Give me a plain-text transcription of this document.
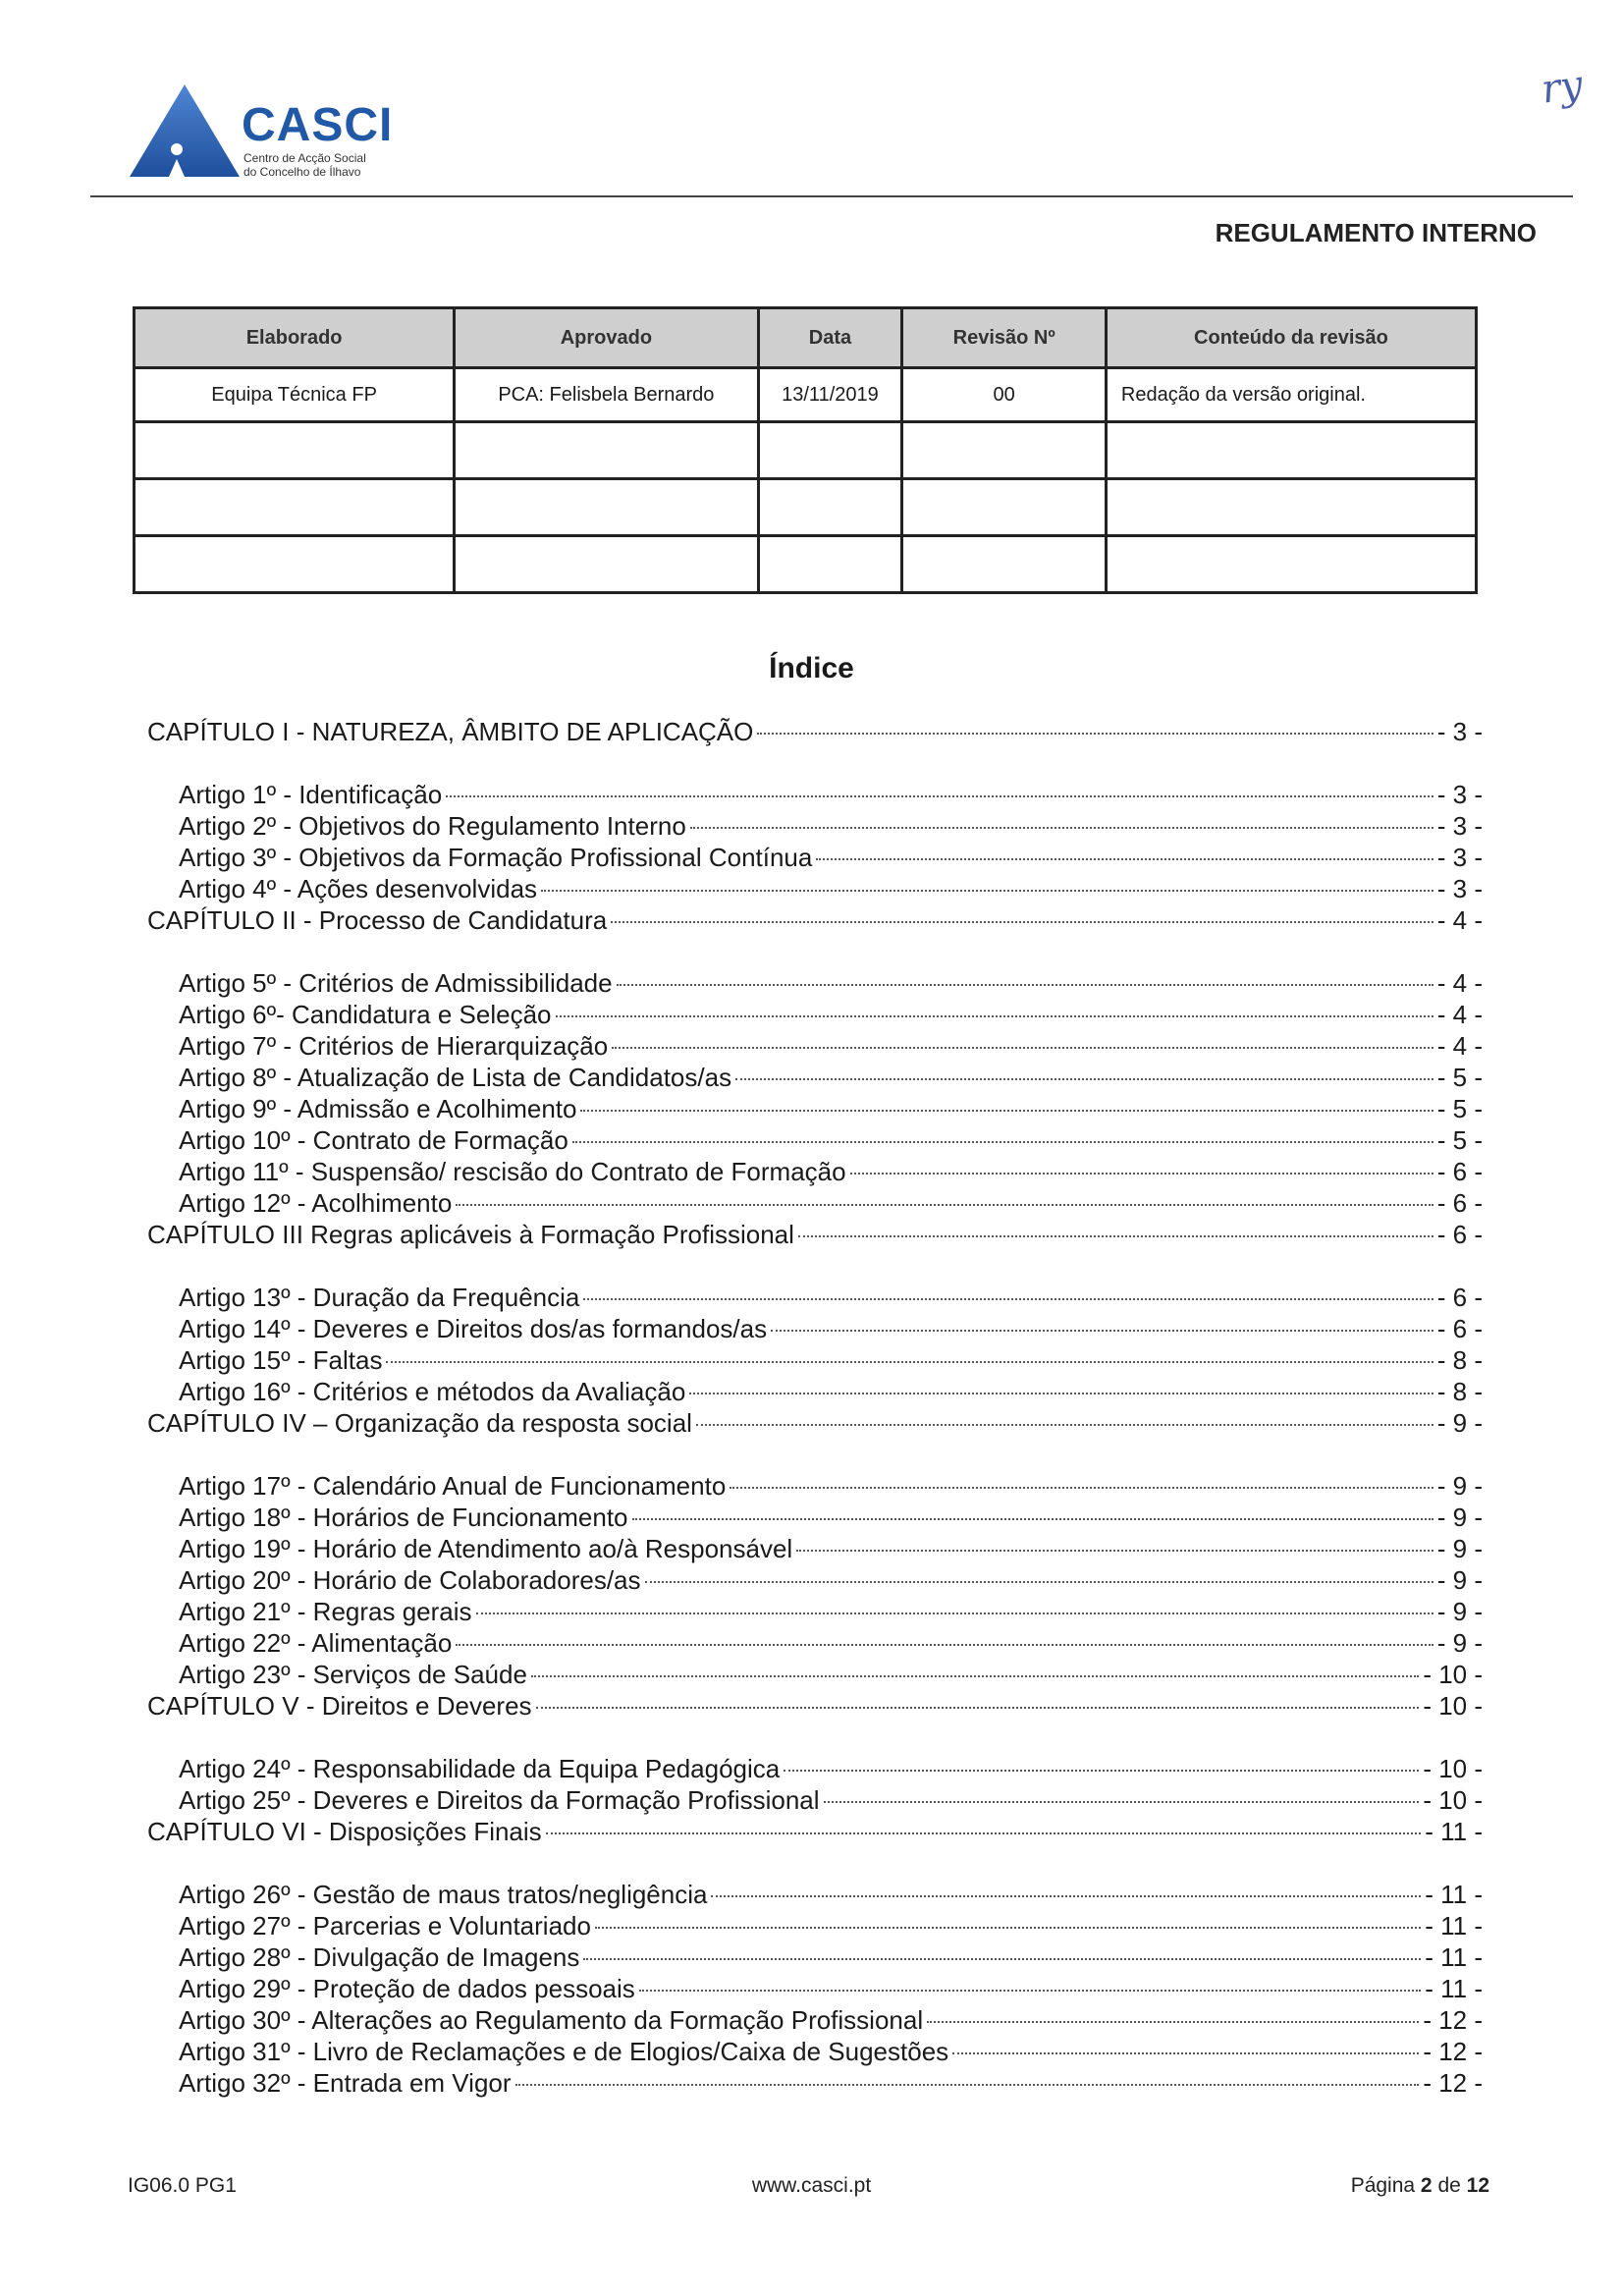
CASCI
Centro de Acção Social
do Concelho de Ílhavo
ry
REGULAMENTO INTERNO
Elaborado	Aprovado	Data	Revisão Nº	Conteúdo da revisão
Equipa Técnica FP	PCA: Felisbela Bernardo	13/11/2019	00	Redação da versão original.

Índice
CAPÍTULO I - NATUREZA, ÂMBITO DE APLICAÇÃO	- 3 -
Artigo 1º - Identificação	- 3 -
Artigo 2º - Objetivos do Regulamento Interno	- 3 -
Artigo 3º - Objetivos da Formação Profissional Contínua	- 3 -
Artigo 4º - Ações desenvolvidas	- 3 -
CAPÍTULO II - Processo de Candidatura	- 4 -
Artigo 5º - Critérios de Admissibilidade	- 4 -
Artigo 6º- Candidatura e Seleção	- 4 -
Artigo 7º - Critérios de Hierarquização	- 4 -
Artigo 8º - Atualização de Lista de Candidatos/as	- 5 -
Artigo 9º - Admissão e Acolhimento	- 5 -
Artigo 10º - Contrato de Formação	- 5 -
Artigo 11º - Suspensão/ rescisão do Contrato de Formação	- 6 -
Artigo 12º - Acolhimento	- 6 -
CAPÍTULO III Regras aplicáveis à Formação Profissional	- 6 -
Artigo 13º - Duração da Frequência	- 6 -
Artigo 14º - Deveres e Direitos dos/as formandos/as	- 6 -
Artigo 15º - Faltas	- 8 -
Artigo 16º - Critérios e métodos da Avaliação	- 8 -
CAPÍTULO IV – Organização da resposta social	- 9 -
Artigo 17º - Calendário Anual de Funcionamento	- 9 -
Artigo 18º - Horários de Funcionamento	- 9 -
Artigo 19º - Horário de Atendimento ao/à Responsável	- 9 -
Artigo 20º - Horário de Colaboradores/as	- 9 -
Artigo 21º - Regras gerais	- 9 -
Artigo 22º - Alimentação	- 9 -
Artigo 23º - Serviços de Saúde	- 10 -
CAPÍTULO V - Direitos e Deveres	- 10 -
Artigo 24º - Responsabilidade da Equipa Pedagógica	- 10 -
Artigo 25º - Deveres e Direitos da Formação Profissional	- 10 -
CAPÍTULO VI - Disposições Finais	- 11 -
Artigo 26º - Gestão de maus tratos/negligência	- 11 -
Artigo 27º - Parcerias e Voluntariado	- 11 -
Artigo 28º - Divulgação de Imagens	- 11 -
Artigo 29º - Proteção de dados pessoais	- 11 -
Artigo 30º - Alterações ao Regulamento da Formação Profissional	- 12 -
Artigo 31º - Livro de Reclamações e de Elogios/Caixa de Sugestões	- 12 -
Artigo 32º - Entrada em Vigor	- 12 -
IG06.0 PG1	www.casci.pt	Página 2 de 12
